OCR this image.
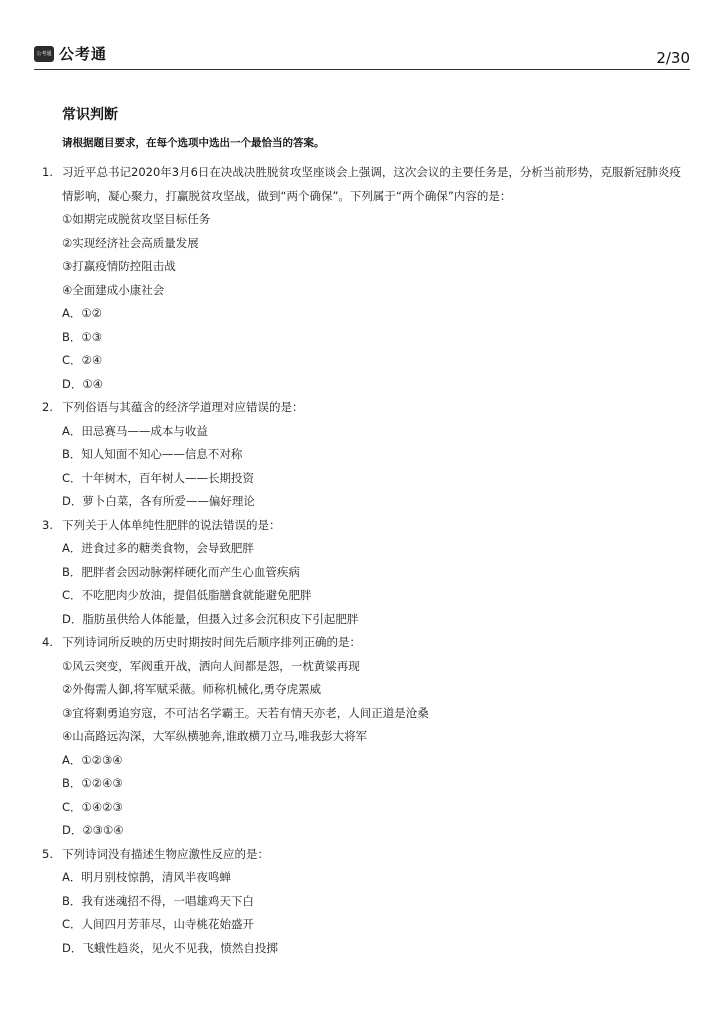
公考通 公考通	2/30
常识判断
请根据题目要求，在每个选项中选出一个最恰当的答案。
1. 习近平总书记2020年3月6日在决战决胜脱贫攻坚座谈会上强调，这次会议的主要任务是，分析当前形势，克服新冠肺炎疫情影响，凝心聚力，打赢脱贫攻坚战，做到“两个确保”。下列属于“两个确保”内容的是：
①如期完成脱贫攻坚目标任务
②实现经济社会高质量发展
③打赢疫情防控阻击战
④全面建成小康社会
A．①②
B．①③
C．②④
D．①④
2. 下列俗语与其蕴含的经济学道理对应错误的是：
A．田忌赛马——成本与收益
B．知人知面不知心——信息不对称
C．十年树木，百年树人——长期投资
D．萝卜白菜，各有所爱——偏好理论
3. 下列关于人体单纯性肥胖的说法错误的是：
A．进食过多的糖类食物，会导致肥胖
B．肥胖者会因动脉粥样硬化而产生心血管疾病
C．不吃肥肉少放油，提倡低脂膳食就能避免肥胖
D．脂肪虽供给人体能量，但摄入过多会沉积皮下引起肥胖
4. 下列诗词所反映的历史时期按时间先后顺序排列正确的是：
①风云突变，军阀重开战，洒向人间都是怨，一枕黄粱再现
②外侮需人御,将军赋采薇。师称机械化,勇夺虎罴威
③宜将剩勇追穷寇，不可沽名学霸王。天若有情天亦老，人间正道是沧桑
④山高路远沟深，大军纵横驰奔,谁敢横刀立马,唯我彭大将军
A．①②③④
B．①②④③
C．①④②③
D．②③①④
5. 下列诗词没有描述生物应激性反应的是：
A．明月别枝惊鹊，清风半夜鸣蝉
B．我有迷魂招不得，一唱雄鸡天下白
C．人间四月芳菲尽，山寺桃花始盛开
D．飞蛾性趋炎，见火不见我，愤然自投掷
